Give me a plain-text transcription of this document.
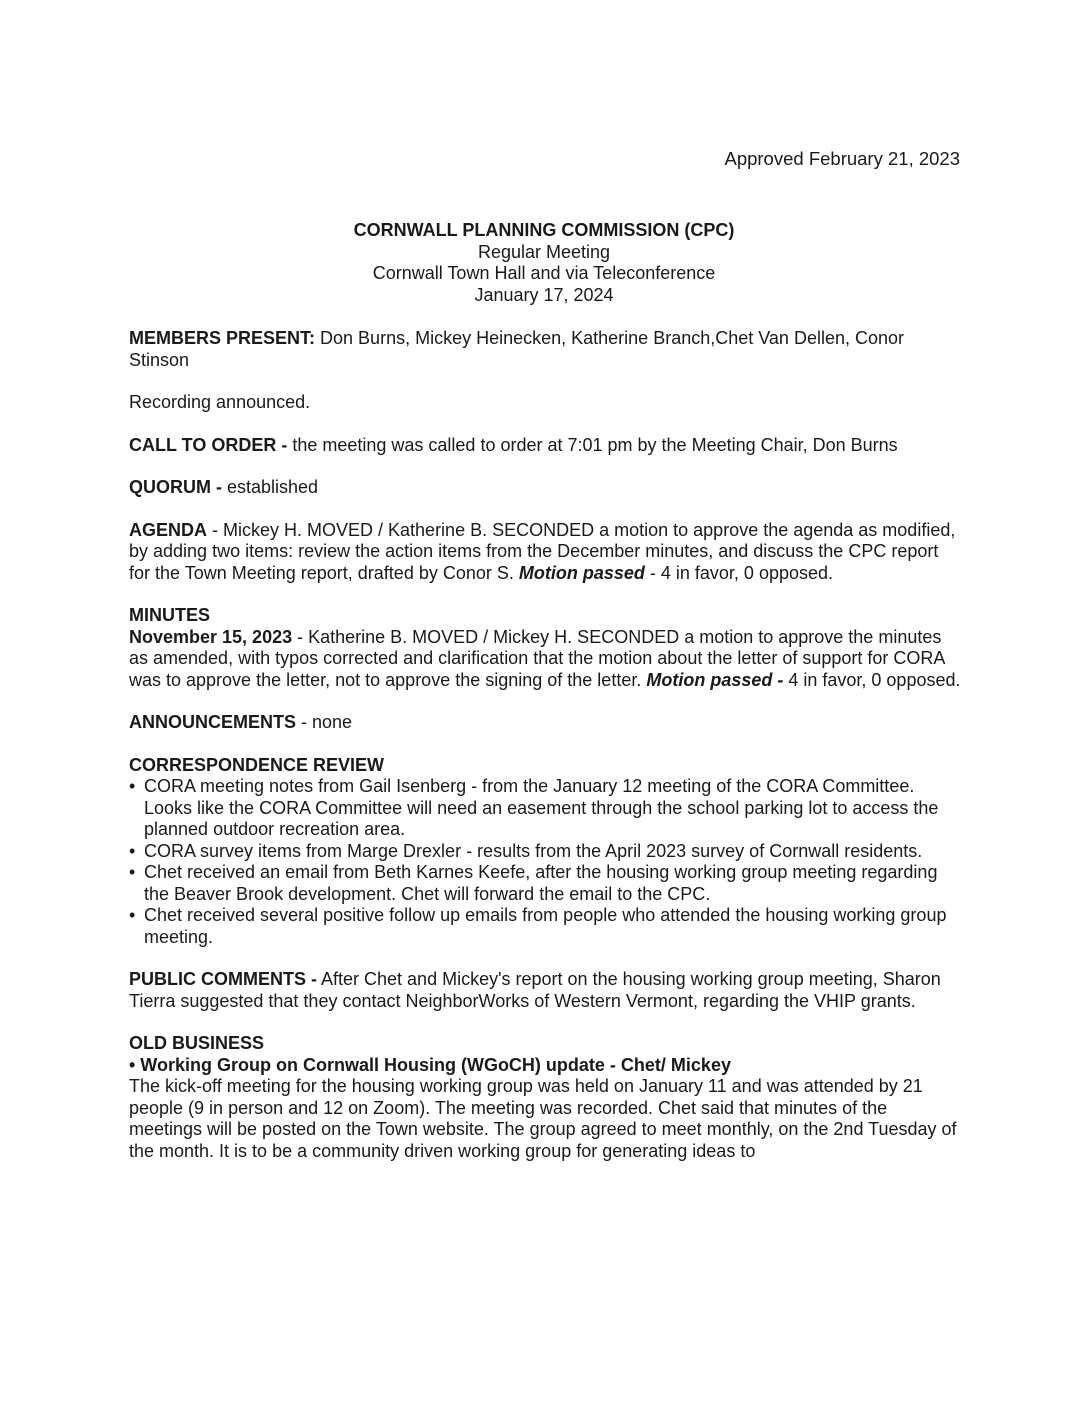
Approved February 21, 2023
CORNWALL PLANNING COMMISSION (CPC)
Regular Meeting
Cornwall Town Hall and via Teleconference
January 17, 2024

MEMBERS PRESENT: Don Burns, Mickey Heinecken, Katherine Branch,Chet Van Dellen, Conor Stinson

Recording announced.

CALL TO ORDER - the meeting was called to order at 7:01 pm by the Meeting Chair, Don Burns

QUORUM - established

AGENDA - Mickey H. MOVED / Katherine B. SECONDED a motion to approve the agenda as modified, by adding two items: review the action items from the December minutes, and discuss the CPC report for the Town Meeting report, drafted by Conor S. Motion passed - 4 in favor, 0 opposed.

MINUTES
November 15, 2023 - Katherine B. MOVED / Mickey H. SECONDED a motion to approve the minutes as amended, with typos corrected and clarification that the motion about the letter of support for CORA was to approve the letter, not to approve the signing of the letter. Motion passed - 4 in favor, 0 opposed.

ANNOUNCEMENTS - none

CORRESPONDENCE REVIEW
• CORA meeting notes from Gail Isenberg - from the January 12 meeting of the CORA Committee. Looks like the CORA Committee will need an easement through the school parking lot to access the planned outdoor recreation area.
• CORA survey items from Marge Drexler - results from the April 2023 survey of Cornwall residents.
• Chet received an email from Beth Karnes Keefe, after the housing working group meeting regarding the Beaver Brook development. Chet will forward the email to the CPC.
• Chet received several positive follow up emails from people who attended the housing working group meeting.

PUBLIC COMMENTS - After Chet and Mickey's report on the housing working group meeting, Sharon Tierra suggested that they contact NeighborWorks of Western Vermont, regarding the VHIP grants.

OLD BUSINESS
• Working Group on Cornwall Housing (WGoCH) update - Chet/ Mickey
The kick-off meeting for the housing working group was held on January 11 and was attended by 21 people (9 in person and 12 on Zoom). The meeting was recorded. Chet said that minutes of the meetings will be posted on the Town website. The group agreed to meet monthly, on the 2nd Tuesday of the month. It is to be a community driven working group for generating ideas to
